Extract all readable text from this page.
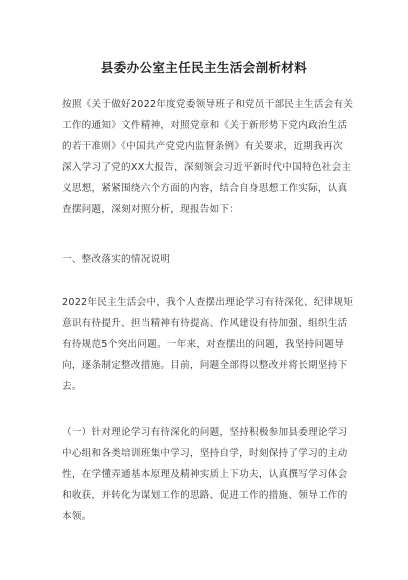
县委办公室主任民主生活会剖析材料
按照《关于做好2022年度党委领导班子和党员干部民主生活会有关
工作的通知》文件精神，对照党章和《关于新形势下党内政治生活
的若干准则》《中国共产党党内监督条例》有关要求，近期我再次
深入学习了党的XX大报告，深刻领会习近平新时代中国特色社会主
义思想，紧紧围绕六个方面的内容，结合自身思想工作实际，认真
查摆问题，深刻对照分析，现报告如下：
一、整改落实的情况说明
2022年民主生活会中，我个人查摆出理论学习有待深化、纪律规矩
意识有待提升、担当精神有待提高、作风建设有待加强、组织生活
有待规范5个突出问题。一年来，对查摆出的问题，我坚持问题导
向，逐条制定整改措施。目前，问题全部得以整改并将长期坚持下
去。
（一）针对理论学习有待深化的问题，坚持积极参加县委理论学习
中心组和各类培训班集中学习，坚持自学，时刻保持了学习的主动
性，在学懂弄通基本原理及精神实质上下功夫，认真撰写学习体会
和收获，并转化为谋划工作的思路、促进工作的措施、领导工作的
本领。
